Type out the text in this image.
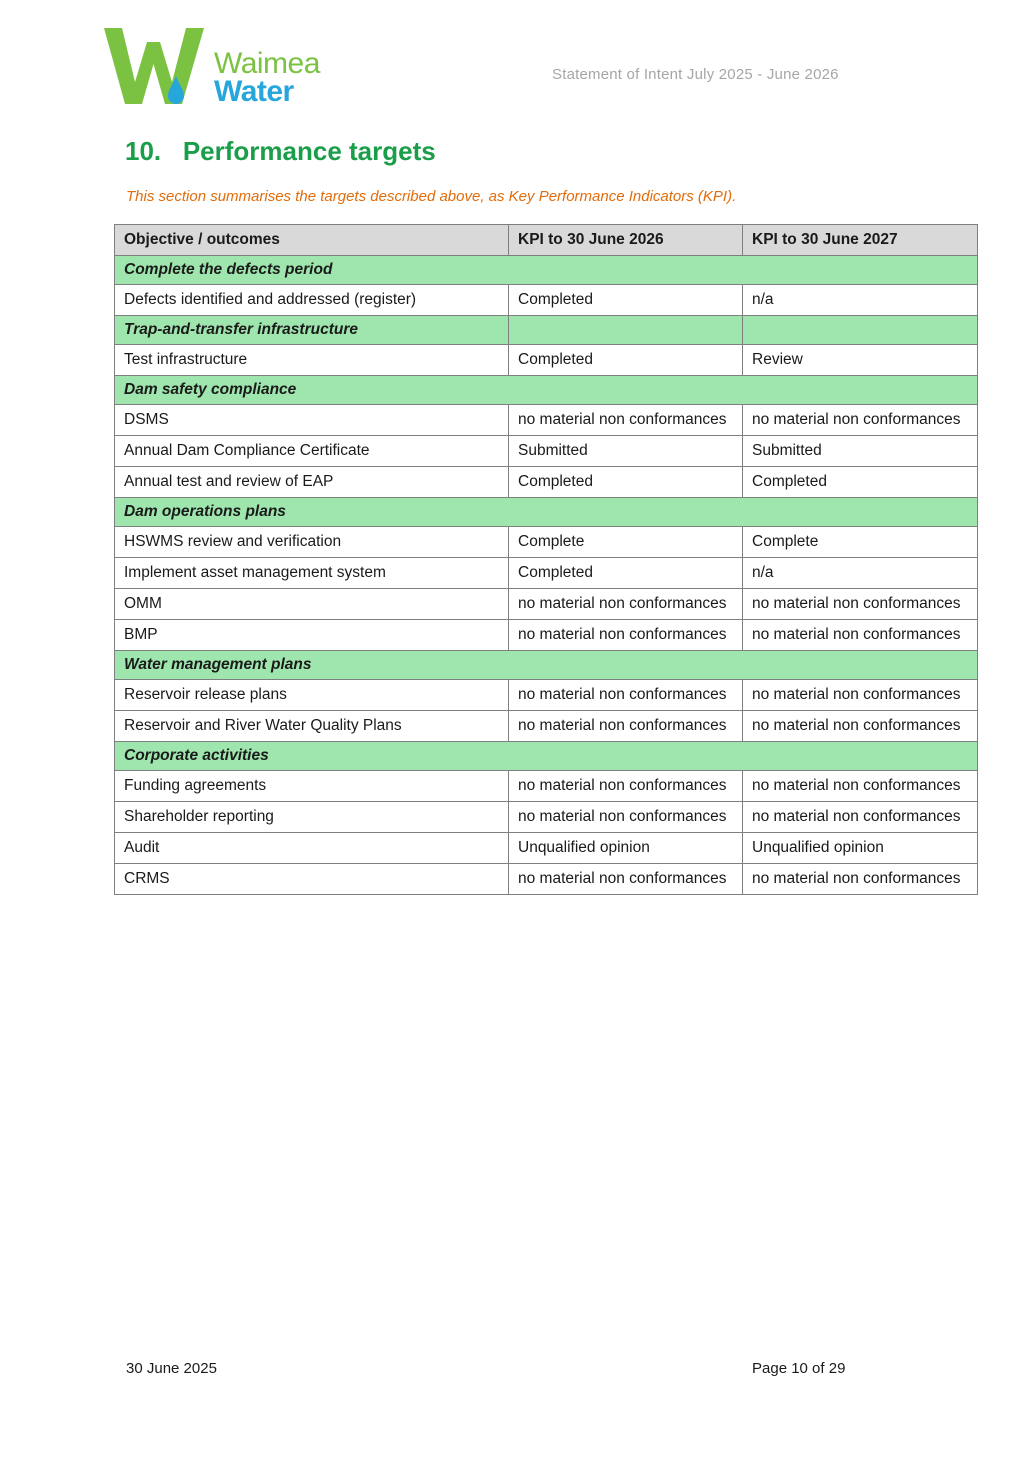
Waimea
Water
Statement of Intent July 2025 - June 2026
10.   Performance targets
This section summarises the targets described above, as Key Performance Indicators (KPI).
Objective / outcomes	KPI to 30 June 2026	KPI to 30 June 2027
Complete the defects period		
Defects identified and addressed (register)	Completed	n/a
Trap-and-transfer infrastructure		
Test infrastructure	Completed	Review
Dam safety compliance		
DSMS	no material non conformances	no material non conformances
Annual Dam Compliance Certificate	Submitted	Submitted
Annual test and review of EAP	Completed	Completed
Dam operations plans		
HSWMS review and verification	Complete	Complete
Implement asset management system	Completed	n/a
OMM	no material non conformances	no material non conformances
BMP	no material non conformances	no material non conformances
Water management plans		
Reservoir release plans	no material non conformances	no material non conformances
Reservoir and River Water Quality Plans	no material non conformances	no material non conformances
Corporate activities		
Funding agreements	no material non conformances	no material non conformances
Shareholder reporting	no material non conformances	no material non conformances
Audit	Unqualified opinion	Unqualified opinion
CRMS	no material non conformances	no material non conformances
30 June 2025	Page 10 of 29
